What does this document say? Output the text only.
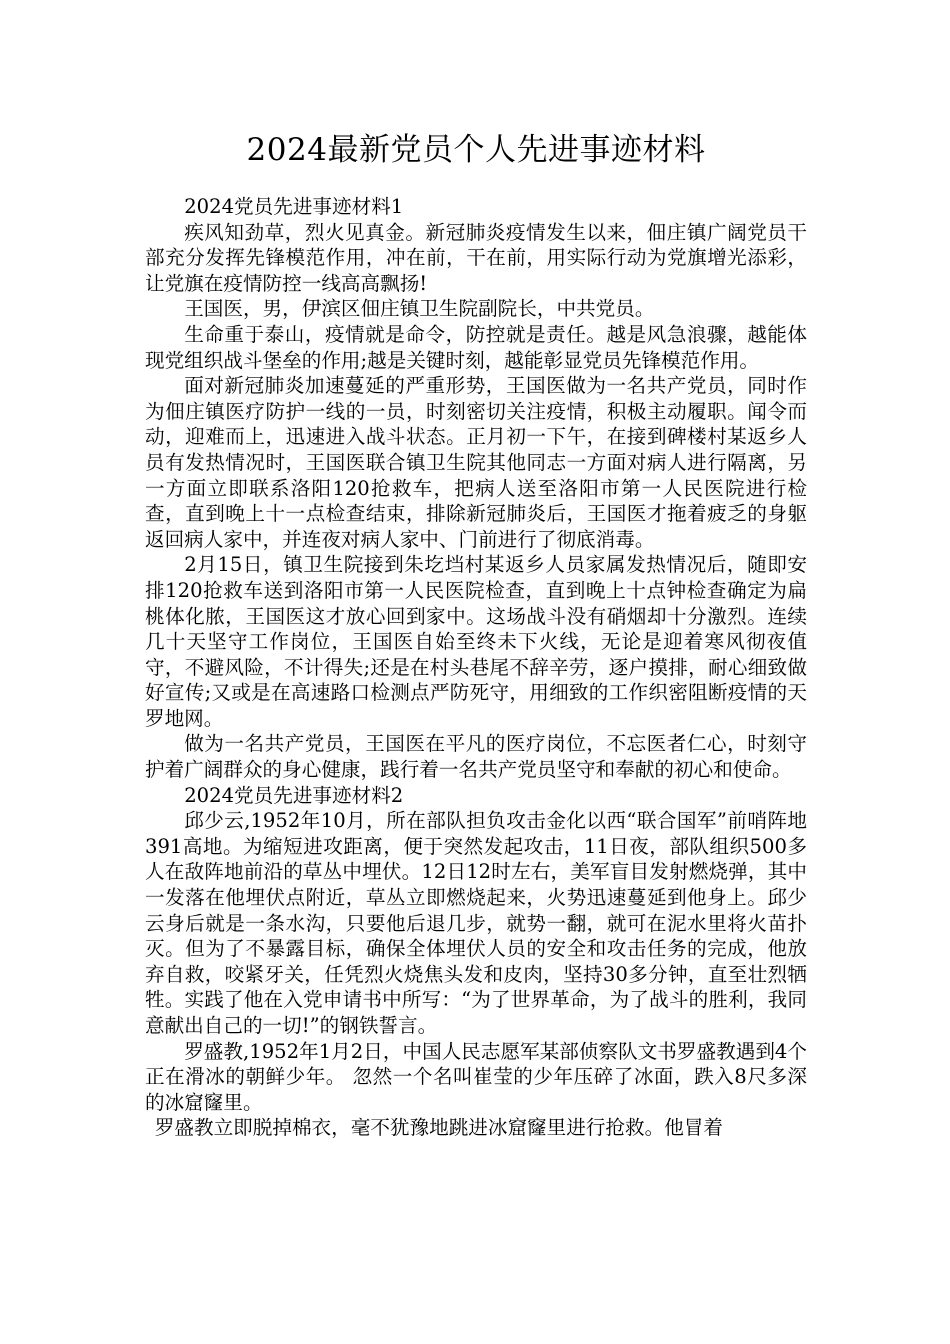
2024最新党员个人先进事迹材料

2024党员先进事迹材料1

疾风知劲草，烈火见真金。新冠肺炎疫情发生以来，佃庄镇广阔党员干部充分发挥先锋模范作用，冲在前，干在前，用实际行动为党旗增光添彩，让党旗在疫情防控一线高高飘扬!

王国医，男，伊滨区佃庄镇卫生院副院长，中共党员。

生命重于泰山，疫情就是命令，防控就是责任。越是风急浪骤，越能体现党组织战斗堡垒的作用;越是关键时刻，越能彰显党员先锋模范作用。

面对新冠肺炎加速蔓延的严重形势，王国医做为一名共产党员，同时作为佃庄镇医疗防护一线的一员，时刻密切关注疫情，积极主动履职。闻令而动，迎难而上，迅速进入战斗状态。正月初一下午，在接到碑楼村某返乡人员有发热情况时，王国医联合镇卫生院其他同志一方面对病人进行隔离，另一方面立即联系洛阳120抢救车，把病人送至洛阳市第一人民医院进行检查，直到晚上十一点检查结束，排除新冠肺炎后，王国医才拖着疲乏的身躯返回病人家中，并连夜对病人家中、门前进行了彻底消毒。

2月15日，镇卫生院接到朱圪垱村某返乡人员家属发热情况后，随即安排120抢救车送到洛阳市第一人民医院检查，直到晚上十点钟检查确定为扁桃体化脓，王国医这才放心回到家中。这场战斗没有硝烟却十分激烈。连续几十天坚守工作岗位，王国医自始至终未下火线，无论是迎着寒风彻夜值守，不避风险，不计得失;还是在村头巷尾不辞辛劳，逐户摸排，耐心细致做好宣传;又或是在高速路口检测点严防死守，用细致的工作织密阻断疫情的天罗地网。

做为一名共产党员，王国医在平凡的医疗岗位，不忘医者仁心，时刻守护着广阔群众的身心健康，践行着一名共产党员坚守和奉献的初心和使命。

2024党员先进事迹材料2

邱少云,1952年10月，所在部队担负攻击金化以西“联合国军”前哨阵地391高地。为缩短进攻距离，便于突然发起攻击，11日夜，部队组织500多人在敌阵地前沿的草丛中埋伏。12日12时左右，美军盲目发射燃烧弹，其中一发落在他埋伏点附近，草丛立即燃烧起来，火势迅速蔓延到他身上。邱少云身后就是一条水沟，只要他后退几步，就势一翻，就可在泥水里将火苗扑灭。但为了不暴露目标，确保全体埋伏人员的安全和攻击任务的完成，他放弃自救，咬紧牙关，任凭烈火烧焦头发和皮肉，坚持30多分钟，直至壮烈牺牲。实践了他在入党申请书中所写：“为了世界革命，为了战斗的胜利，我同意献出自己的一切!”的钢铁誓言。

罗盛教,1952年1月2日，中国人民志愿军某部侦察队文书罗盛教遇到4个正在滑冰的朝鲜少年。 忽然一个名叫崔莹的少年压碎了冰面，跌入8尺多深的冰窟窿里。

罗盛教立即脱掉棉衣，毫不犹豫地跳进冰窟窿里进行抢救。他冒着
